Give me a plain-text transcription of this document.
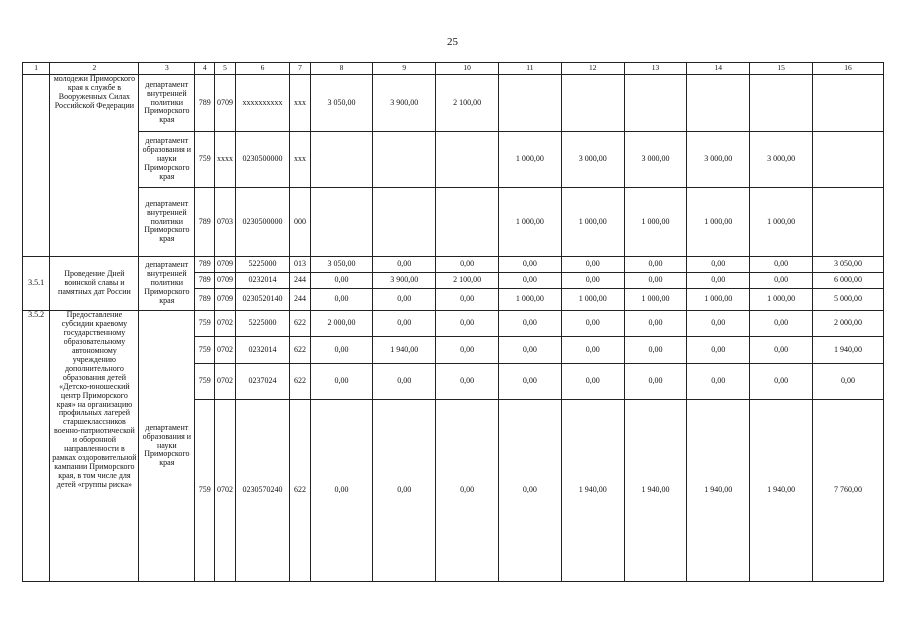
25
1	2	3	4	5	6	7	8	9	10	11	12	13	14	15	16
	молодежи Приморского края к службе в Вооруженных Силах Российской Федерации	департамент внутренней политики Приморского края	789	0709	хххххххххх	ххх	3 050,00	3 900,00	2 100,00						
		департамент образования и науки Приморского края	759	хххх	0230500000	ххх				1 000,00	3 000,00	3 000,00	3 000,00	3 000,00	
		департамент внутренней политики Приморского края	789	0703	0230500000	000				1 000,00	1 000,00	1 000,00	1 000,00	1 000,00	
3.5.1	Проведение Дней воинской славы и памятных дат России	департамент внутренней политики Приморского края	789	0709	5225000	013	3 050,00	0,00	0,00	0,00	0,00	0,00	0,00	0,00	3 050,00
			789	0709	0232014	244	0,00	3 900,00	2 100,00	0,00	0,00	0,00	0,00	0,00	6 000,00
			789	0709	0230520140	244	0,00	0,00	0,00	1 000,00	1 000,00	1 000,00	1 000,00	1 000,00	5 000,00
3.5.2	Предоставление субсидии краевому государственному образовательному автономному учреждению дополнительного образования детей «Детско-юношеский центр Приморского края» на организацию профильных лагерей старшеклассников военно-патриотической и оборонной направленности в рамках оздоровительной кампании Приморского края, в том числе для детей «группы риска»	департамент образования и науки Приморского края	759	0702	5225000	622	2 000,00	0,00	0,00	0,00	0,00	0,00	0,00	0,00	2 000,00
			759	0702	0232014	622	0,00	1 940,00	0,00	0,00	0,00	0,00	0,00	0,00	1 940,00
			759	0702	0237024	622	0,00	0,00	0,00	0,00	0,00	0,00	0,00	0,00	0,00
			759	0702	0230570240	622	0,00	0,00	0,00	0,00	1 940,00	1 940,00	1 940,00	1 940,00	7 760,00
